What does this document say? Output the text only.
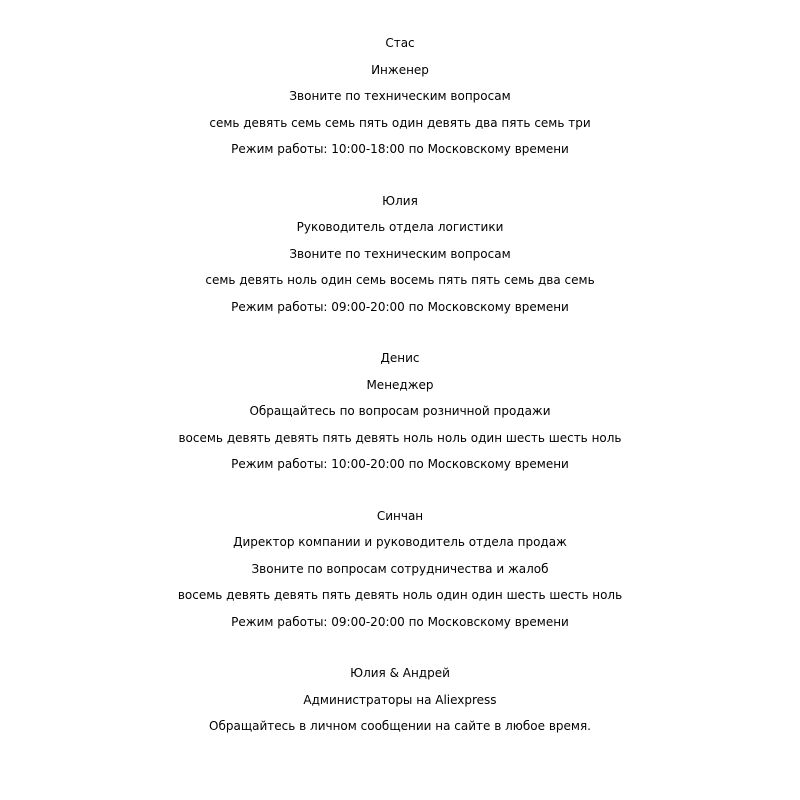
Стас
Инженер
Звоните по техническим вопросам
семь девять семь семь пять один девять два пять семь три
Режим работы: 10:00-18:00 по Московскому времени
Юлия
Руководитель отдела логистики
Звоните по техническим вопросам
семь девять ноль один семь восемь пять пять семь два семь
Режим работы: 09:00-20:00 по Московскому времени
Денис
Менеджер
Обращайтесь по вопросам розничной продажи
восемь девять девять пять девять ноль ноль один шесть шесть ноль
Режим работы: 10:00-20:00 по Московскому времени
Синчан
Директор компании и руководитель отдела продаж
Звоните по вопросам сотрудничества и жалоб
восемь девять девять пять девять ноль один один шесть шесть ноль
Режим работы: 09:00-20:00 по Московскому времени
Юлия & Андрей
Администраторы на Aliexpress
Обращайтесь в личном сообщении на сайте в любое время.
